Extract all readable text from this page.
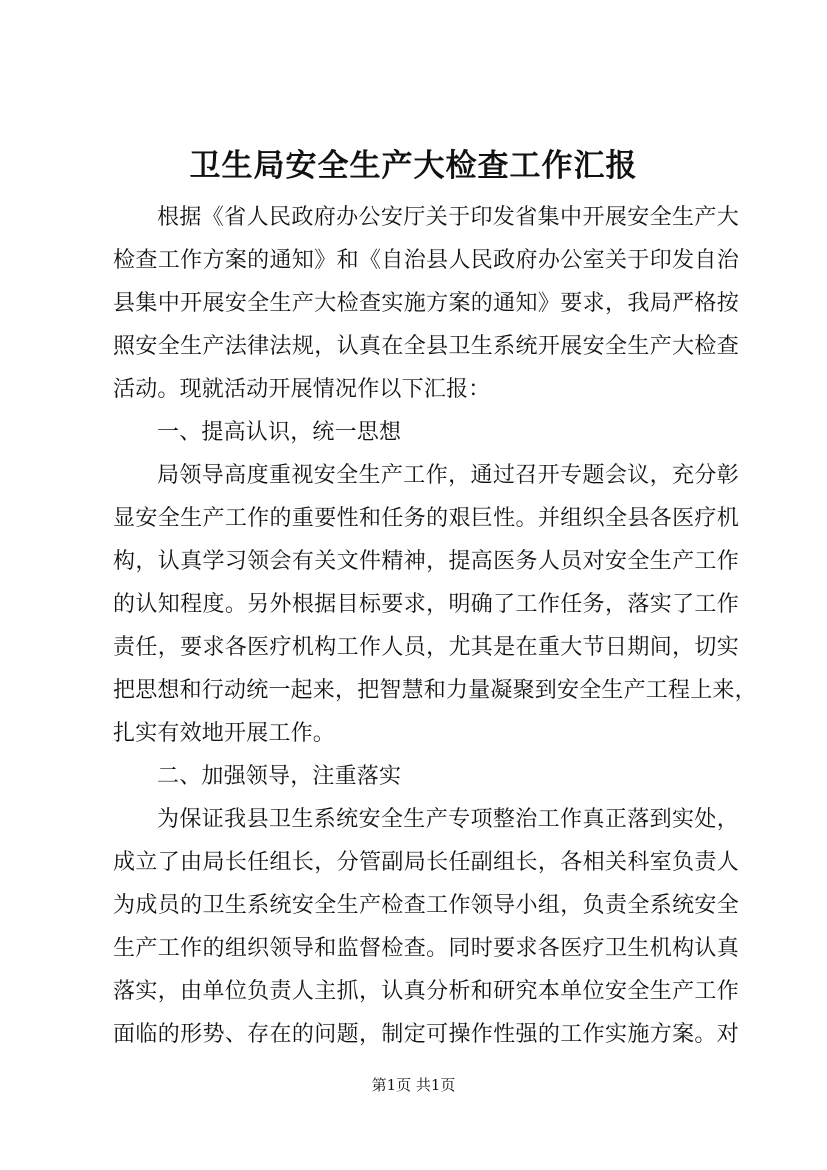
卫生局安全生产大检查工作汇报
根据《省人民政府办公安厅关于印发省集中开展安全生产大
检查工作方案的通知》和《自治县人民政府办公室关于印发自治
县集中开展安全生产大检查实施方案的通知》要求，我局严格按
照安全生产法律法规，认真在全县卫生系统开展安全生产大检查
活动。现就活动开展情况作以下汇报：
一、提高认识，统一思想
局领导高度重视安全生产工作，通过召开专题会议，充分彰
显安全生产工作的重要性和任务的艰巨性。并组织全县各医疗机
构，认真学习领会有关文件精神，提高医务人员对安全生产工作
的认知程度。另外根据目标要求，明确了工作任务，落实了工作
责任，要求各医疗机构工作人员，尤其是在重大节日期间，切实
把思想和行动统一起来，把智慧和力量凝聚到安全生产工程上来，
扎实有效地开展工作。
二、加强领导，注重落实
为保证我县卫生系统安全生产专项整治工作真正落到实处，
成立了由局长任组长，分管副局长任副组长，各相关科室负责人
为成员的卫生系统安全生产检查工作领导小组，负责全系统安全
生产工作的组织领导和监督检查。同时要求各医疗卫生机构认真
落实，由单位负责人主抓，认真分析和研究本单位安全生产工作
面临的形势、存在的问题，制定可操作性强的工作实施方案。对
第1页 共1页
